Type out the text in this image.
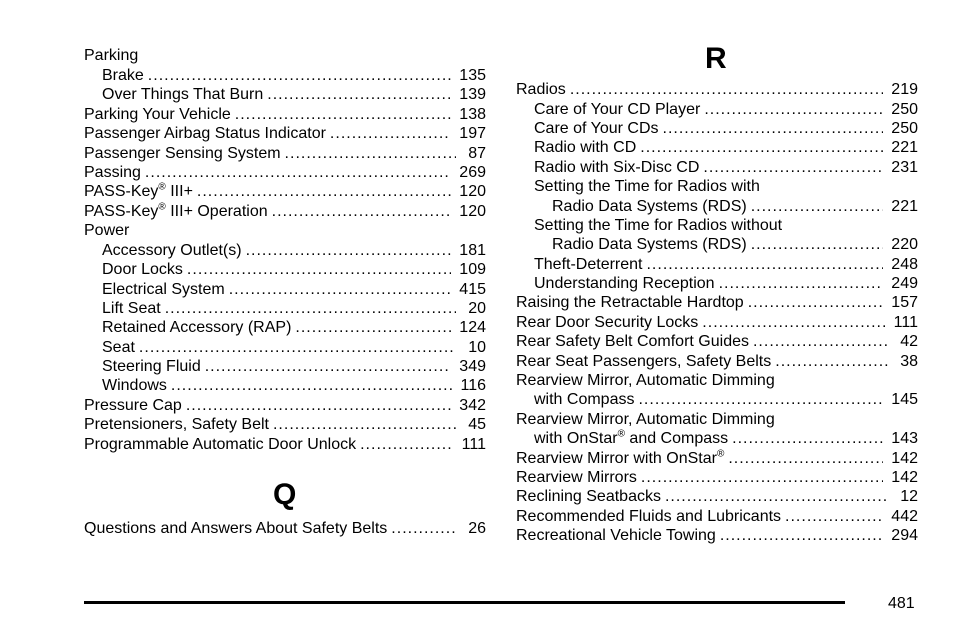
Parking
Brake .....	135
Over Things That Burn .....	139
Parking Your Vehicle .....	138
Passenger Airbag Status Indicator .....	197
Passenger Sensing System .....	87
Passing .....	269
PASS-Key® III+ .....	120
PASS-Key® III+ Operation .....	120
Power
Accessory Outlet(s) .....	181
Door Locks .....	109
Electrical System .....	415
Lift Seat .....	20
Retained Accessory (RAP) .....	124
Seat .....	10
Steering Fluid .....	349
Windows .....	116
Pressure Cap .....	342
Pretensioners, Safety Belt .....	45
Programmable Automatic Door Unlock .....	111
Q
Questions and Answers About Safety Belts .....	26
R
Radios .....	219
Care of Your CD Player .....	250
Care of Your CDs .....	250
Radio with CD .....	221
Radio with Six-Disc CD .....	231
Setting the Time for Radios with
Radio Data Systems (RDS) .....	221
Setting the Time for Radios without
Radio Data Systems (RDS) .....	220
Theft-Deterrent .....	248
Understanding Reception .....	249
Raising the Retractable Hardtop .....	157
Rear Door Security Locks .....	111
Rear Safety Belt Comfort Guides .....	42
Rear Seat Passengers, Safety Belts .....	38
Rearview Mirror, Automatic Dimming
with Compass .....	145
Rearview Mirror, Automatic Dimming
with OnStar® and Compass .....	143
Rearview Mirror with OnStar® .....	142
Rearview Mirrors .....	142
Reclining Seatbacks .....	12
Recommended Fluids and Lubricants .....	442
Recreational Vehicle Towing .....	294
481
